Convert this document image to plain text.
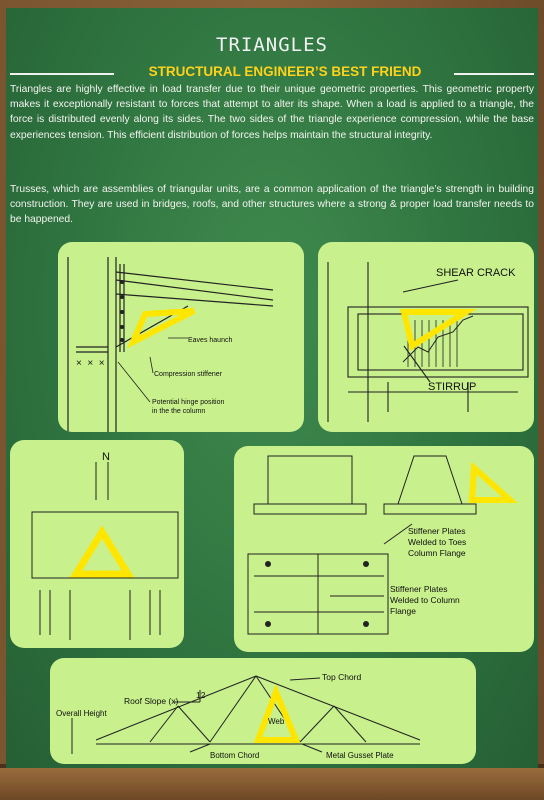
TRIANGLES
STRUCTURAL ENGINEER’S BEST FRIEND
Triangles are highly effective in load transfer due to their unique geometric properties. This geometric property makes it exceptionally resistant to forces that attempt to alter its shape. When a load is applied to a triangle, the force is distributed evenly along its sides. The two sides of the triangle experience compression, while the base experiences tension. This efficient distribution of forces helps maintain the structural integrity.
Trusses, which are assemblies of triangular units, are a common application of the triangle’s strength in building construction. They are used in bridges, roofs, and other structures where a strong & proper load transfer needs to be happened.
×  ×  ×
Eaves haunch
Compression stiffener
Potential hinge position
in the the column
SHEAR CRACK
STIRRUP
N
Stiffener Plates
Welded to Toes
Column Flange
Stiffener Plates
Welded to Column
Flange
Top Chord
Roof Slope (x)
12
Overall Height
Web
Bottom Chord	Metal Gusset Plate
